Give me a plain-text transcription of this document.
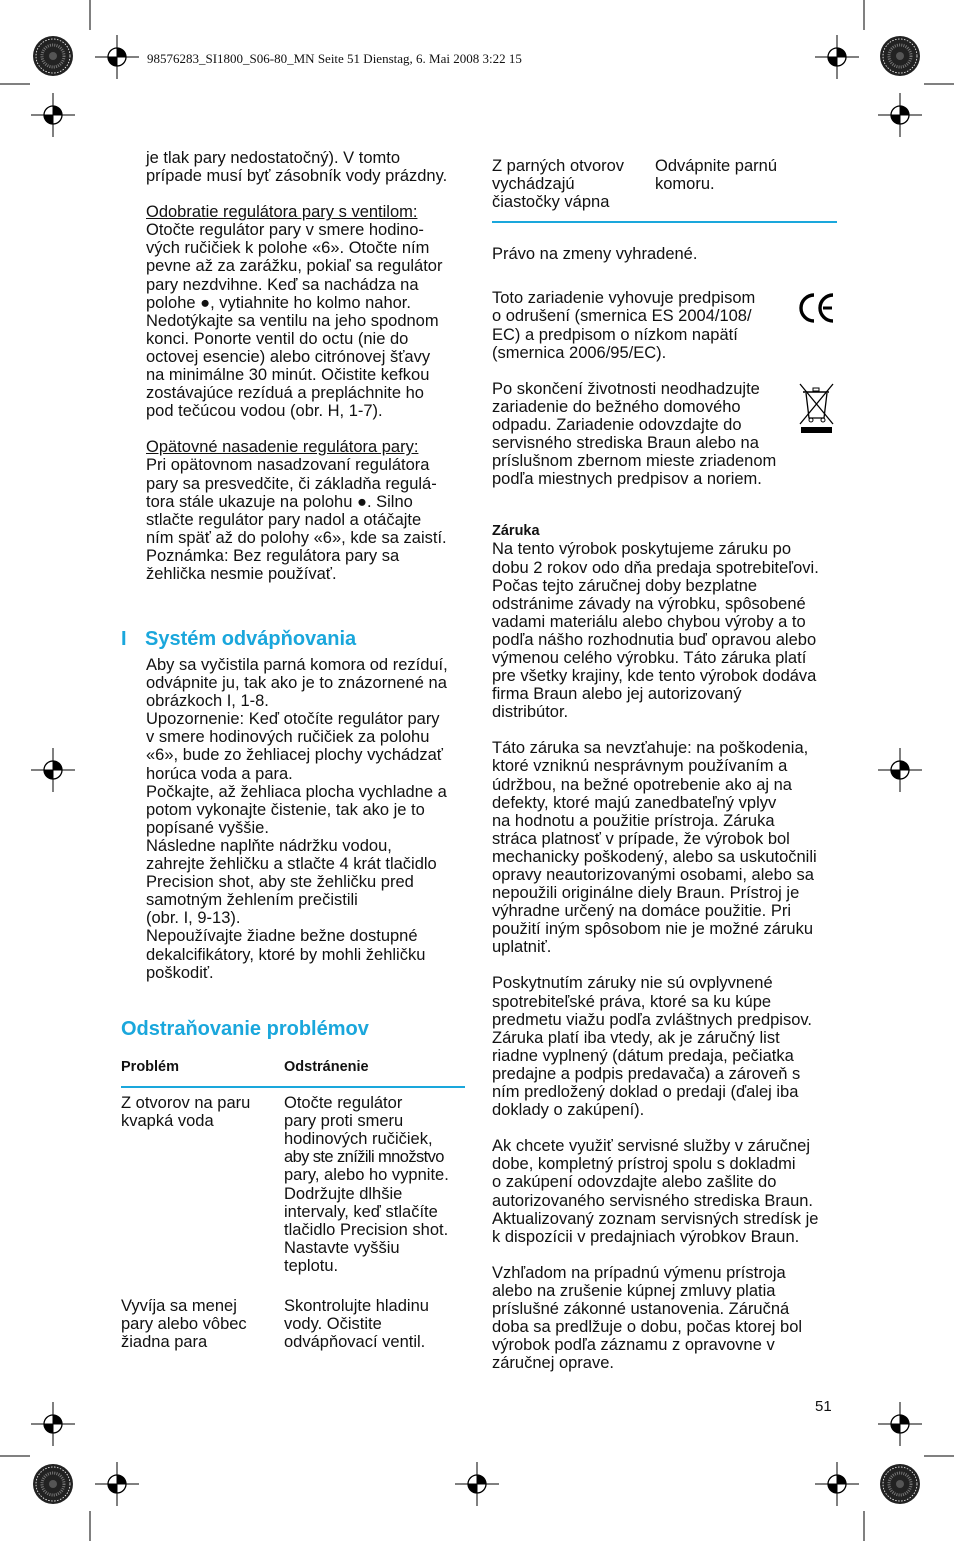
98576283_SI1800_S06-80_MN Seite 51 Dienstag, 6. Mai 2008 3:22 15

je tlak pary nedostatočný). V tomto

prípade musí byť zásobník vody prázdny.

Odobratie regulátora pary s ventilom:

Otočte regulátor pary v smere hodino-

vých ručičiek k polohe «6». Otočte ním

pevne až za zarážku, pokiaľ sa regulátor

pary nezdvihne. Keď sa nachádza na

polohe ●, vytiahnite ho kolmo nahor.

Nedotýkajte sa ventilu na jeho spodnom

konci. Ponorte ventil do octu (nie do

octovej esencie) alebo citrónovej šťavy

na minimálne 30 minút. Očistite kefkou

zostávajúce rezíduá a prepláchnite ho

pod tečúcou vodou (obr. H, 1-7).

Opätovné nasadenie regulátora pary:

Pri opätovnom nasadzovaní regulátora

pary sa presvedčite, či základňa regulá-

tora stále ukazuje na polohu ●. Silno

stlačte regulátor pary nadol a otáčajte

ním späť až do polohy «6», kde sa zaistí.

Poznámka: Bez regulátora pary sa

žehlička nesmie používať.

I Systém odvápňovania

Aby sa vyčistila parná komora od rezíduí,

odvápnite ju, tak ako je to znázornené na

obrázkoch I, 1-8.

Upozornenie: Keď otočíte regulátor pary

v smere hodinových ručičiek za polohu

«6», bude zo žehliacej plochy vychádzať

horúca voda a para.

Počkajte, až žehliaca plocha vychladne a

potom vykonajte čistenie, tak ako je to

popísané vyššie.

Následne naplňte nádržku vodou,

zahrejte žehličku a stlačte 4 krát tlačidlo

Precision shot, aby ste žehličku pred

samotným žehlením prečistili

(obr. I, 9-13).

Nepoužívajte žiadne bežne dostupné

dekalcifikátory, ktoré by mohli žehličku

poškodiť.

Odstraňovanie problémov
Problém	Odstránenie
Z otvorov na paru
kvapká voda
Otočte regulátor
pary proti smeru
hodinových ručičiek,
aby ste znížili množstvo
pary, alebo ho vypnite.
Dodržujte dlhšie
intervaly, keď stlačíte
tlačidlo Precision shot.
Nastavte vyššiu
teplotu.
Vyvíja sa menej
pary alebo vôbec
žiadna para
Skontrolujte hladinu
vody. Očistite
odvápňovací ventil.
Z parných otvorov
vychádzajú
čiastočky vápna
Odvápnite parnú
komoru.

Právo na zmeny vyhradené.

Toto zariadenie vyhovuje predpisom

o odrušení (smernica ES 2004/108/

EC) a predpisom o nízkom napätí

(smernica 2006/95/EC).

Po skončení životnosti neodhadzujte

zariadenie do bežného domového

odpadu. Zariadenie odovzdajte do

servisného strediska Braun alebo na

príslušnom zbernom mieste zriadenom

podľa miestnych predpisov a noriem.

Záruka

Na tento výrobok poskytujeme záruku po

dobu 2 rokov odo dňa predaja spotrebiteľovi.

Počas tejto záručnej doby bezplatne

odstránime závady na výrobku, spôsobené

vadami materiálu alebo chybou výroby a to

podľa nášho rozhodnutia buď opravou alebo

výmenou celého výrobku. Táto záruka platí

pre všetky krajiny, kde tento výrobok dodáva

firma Braun alebo jej autorizovaný

distribútor.

Táto záruka sa nevzťahuje: na poškodenia,

ktoré vzniknú nesprávnym používaním a

údržbou, na bežné opotrebenie ako aj na

defekty, ktoré majú zanedbateľný vplyv

na hodnotu a použitie prístroja. Záruka

stráca platnosť v prípade, že výrobok bol

mechanicky poškodený, alebo sa uskutočnili

opravy neautorizovanými osobami, alebo sa

nepoužili originálne diely Braun. Prístroj je

výhradne určený na domáce použitie. Pri

použití iným spôsobom nie je možné záruku

uplatniť.

Poskytnutím záruky nie sú ovplyvnené

spotrebiteľské práva, ktoré sa ku kúpe

predmetu viažu podľa zvláštnych predpisov.

Záruka platí iba vtedy, ak je záručný list

riadne vyplnený (dátum predaja, pečiatka

predajne a podpis predavača) a zároveň s

ním predložený doklad o predaji (ďalej iba

doklady o zakúpení).

Ak chcete využiť servisné služby v záručnej

dobe, kompletný prístroj spolu s dokladmi

o zakúpení odovzdajte alebo zašlite do

autorizovaného servisného strediska Braun.

Aktualizovaný zoznam servisných stredísk je

k dispozícii v predajniach výrobkov Braun.

Vzhľadom na prípadnú výmenu prístroja

alebo na zrušenie kúpnej zmluvy platia

príslušné zákonné ustanovenia. Záručná

doba sa predlžuje o dobu, počas ktorej bol

výrobok podľa záznamu z opravovne v

záručnej oprave.

51
